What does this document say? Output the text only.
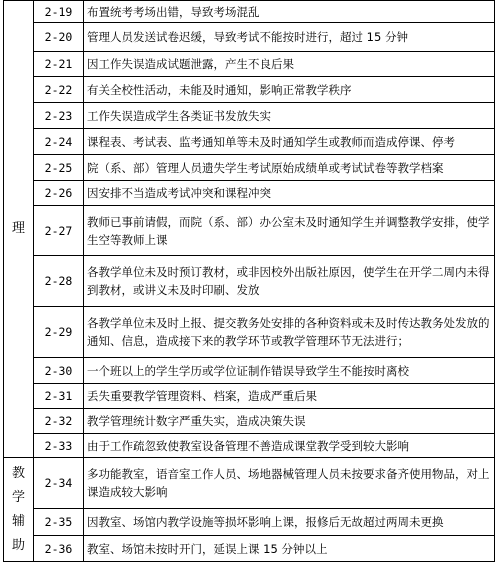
理	2-19	布置统考考场出错，导致考场混乱
	2-20	管理人员发送试卷迟缓，导致考试不能按时进行，超过 15 分钟
	2-21	因工作失误造成试题泄露，产生不良后果
	2-22	有关全校性活动，未能及时通知，影响正常教学秩序
	2-23	工作失误造成学生各类证书发放失实
	2-24	课程表、考试表、监考通知单等未及时通知学生或教师而造成停课、停考
	2-25	院（系、部）管理人员遗失学生考试原始成绩单或考试试卷等教学档案
	2-26	因安排不当造成考试冲突和课程冲突
	2-27	教师已事前请假，而院（系、部）办公室未及时通知学生并调整教学安排，使学生空等教师上课
	2-28	各教学单位未及时预订教材，或非因校外出版社原因，使学生在开学二周内未得到教材，或讲义未及时印刷、发放
	2-29	各教学单位未及时上报、提交教务处安排的各种资料或未及时传达教务处发放的通知、信息，造成接下来的教学环节或教学管理环节无法进行；
	2-30	一个班以上的学生学历或学位证制作错误导致学生不能按时离校
	2-31	丢失重要教学管理资料、档案，造成严重后果
	2-32	教学管理统计数字严重失实，造成决策失误
	2-33	由于工作疏忽致使教室设备管理不善造成课堂教学受到较大影响
教学辅助	2-34	多功能教室，语音室工作人员、场地器械管理人员未按要求备齐使用物品，对上课造成较大影响
	2-35	因教室、场馆内教学设施等损坏影响上课，报修后无故超过两周未更换
	2-36	教室、场馆未按时开门，延误上课 15 分钟以上
